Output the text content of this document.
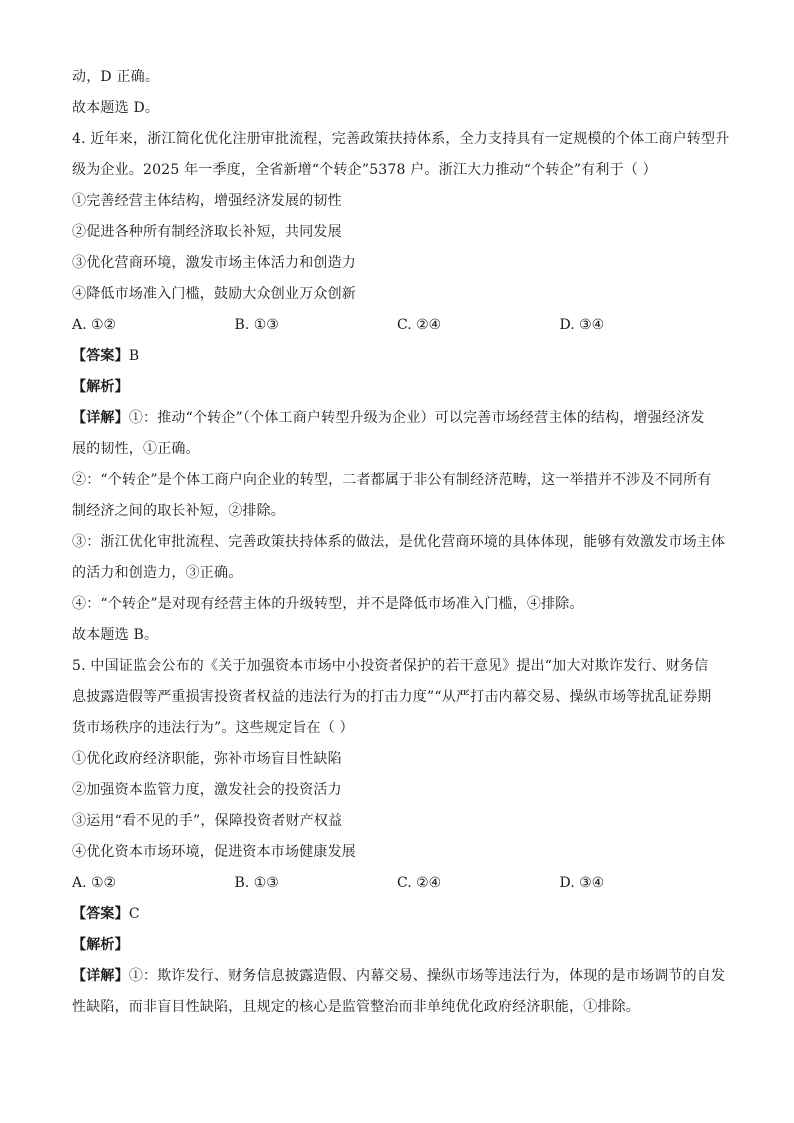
动，D 正确。
故本题选 D。
4. 近年来，浙江简化优化注册审批流程，完善政策扶持体系，全力支持具有一定规模的个体工商户转型升
级为企业。2025 年一季度，全省新增“个转企”5378 户。浙江大力推动“个转企”有利于（ ）
①完善经营主体结构，增强经济发展的韧性
②促进各种所有制经济取长补短，共同发展
③优化营商环境，激发市场主体活力和创造力
④降低市场准入门槛，鼓励大众创业万众创新
A. ①②	B. ①③	C. ②④	D. ③④
【答案】B
【解析】
【详解】①：推动“个转企”（个体工商户转型升级为企业）可以完善市场经营主体的结构，增强经济发
展的韧性，①正确。
②：“个转企”是个体工商户向企业的转型，二者都属于非公有制经济范畴，这一举措并不涉及不同所有
制经济之间的取长补短，②排除。
③：浙江优化审批流程、完善政策扶持体系的做法，是优化营商环境的具体体现，能够有效激发市场主体
的活力和创造力，③正确。
④：“个转企”是对现有经营主体的升级转型，并不是降低市场准入门槛，④排除。
故本题选 B。
5. 中国证监会公布的《关于加强资本市场中小投资者保护的若干意见》提出“加大对欺诈发行、财务信
息披露造假等严重损害投资者权益的违法行为的打击力度”“从严打击内幕交易、操纵市场等扰乱证券期
货市场秩序的违法行为”。这些规定旨在（ ）
①优化政府经济职能，弥补市场盲目性缺陷
②加强资本监管力度，激发社会的投资活力
③运用“看不见的手”，保障投资者财产权益
④优化资本市场环境，促进资本市场健康发展
A. ①②	B. ①③	C. ②④	D. ③④
【答案】C
【解析】
【详解】①：欺诈发行、财务信息披露造假、内幕交易、操纵市场等违法行为，体现的是市场调节的自发
性缺陷，而非盲目性缺陷，且规定的核心是监管整治而非单纯优化政府经济职能，①排除。
